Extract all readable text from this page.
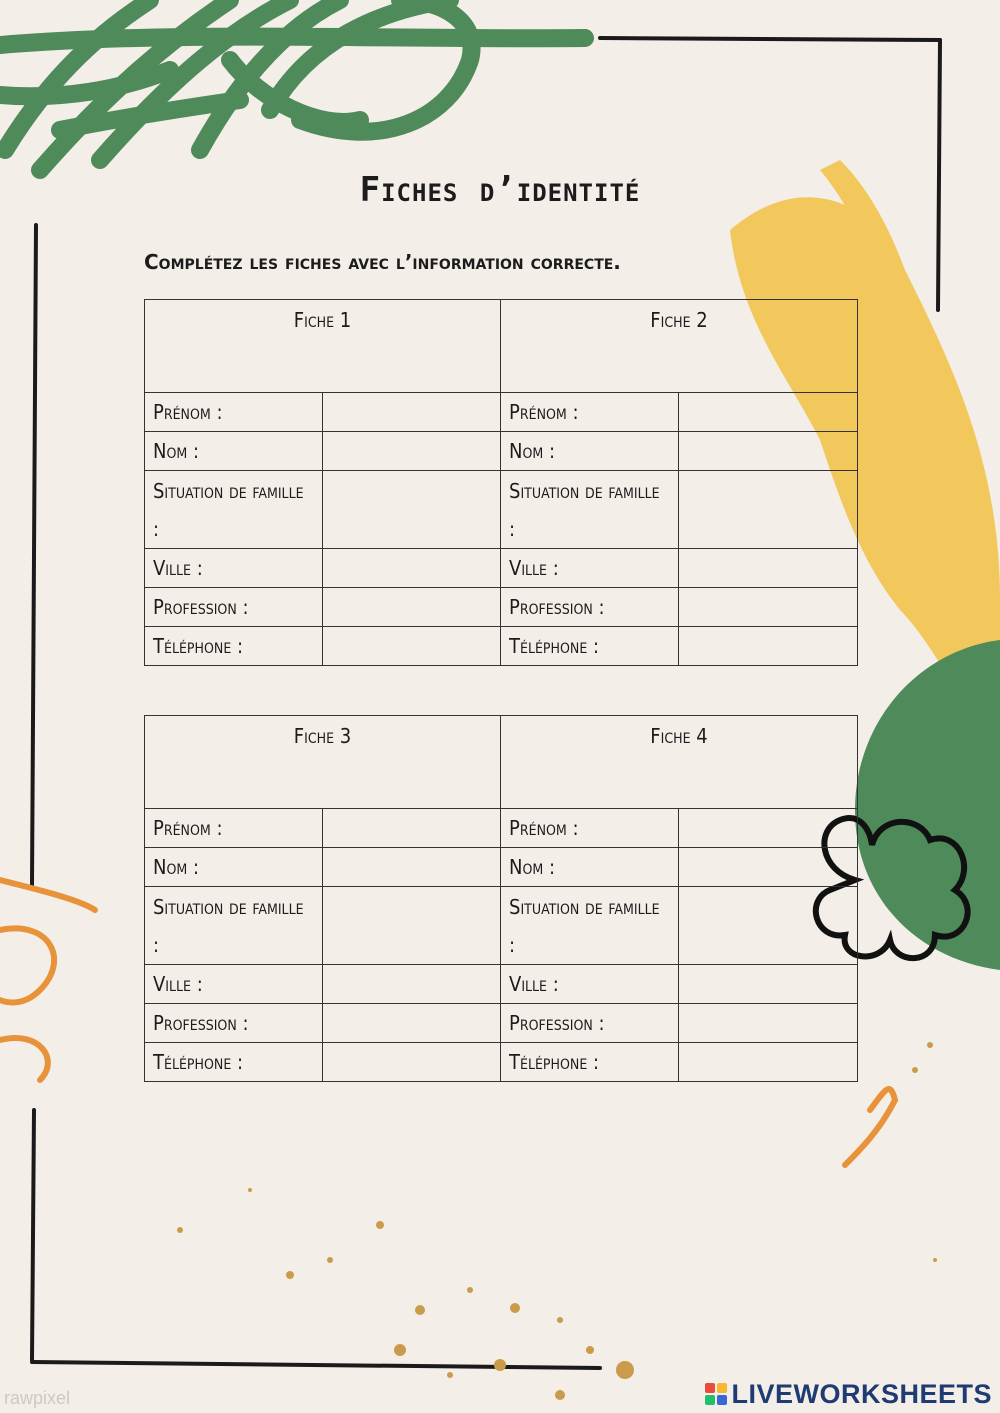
Fiches d’identité
Complétez les fiches avec l’information correcte.
Fiche 1		Fiche 2	
Prénom :		Prénom :	
Nom :		Nom :	
Situation de famille :		Situation de famille :	
Ville :		Ville :	
Profession :		Profession :	
Téléphone :		Téléphone :	
Fiche 3		Fiche 4	
Prénom :		Prénom :	
Nom :		Nom :	
Situation de famille :		Situation de famille :	
Ville :		Ville :	
Profession :		Profession :	
Téléphone :		Téléphone :	
rawpixel	LIVEWORKSHEETS
